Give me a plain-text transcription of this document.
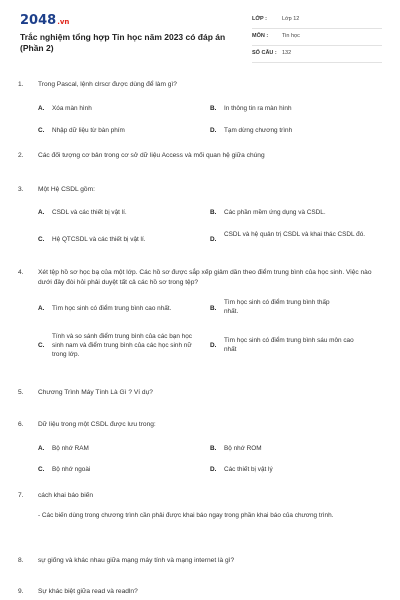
2048.vn
Trắc nghiệm tổng hợp Tin học năm 2023 có đáp án (Phần 2)
LỚP :	Lớp 12
MÔN :	Tin học
SỐ CÂU : 132
1.	Trong Pascal, lệnh clrscr được dùng để làm gì?
A. Xóa màn hình	B. In thông tin ra màn hình
C. Nhập dữ liệu từ bàn phím	D. Tạm dừng chương trình
2.	Các đối tượng cơ bản trong cơ sở dữ liệu Access và mối quan hệ giữa chúng
3.	Một Hệ CSDL gồm:
A. CSDL và các thiết bị vật lí.	B. Các phần mềm ứng dụng và CSDL.
C. Hệ QTCSDL và các thiết bị vật lí.	D.
CSDL và hệ quản trị CSDL và khai thác CSDL đó.
4.	Xét tệp hồ sơ học bạ của một lớp. Các hồ sơ được sắp xếp giảm dần theo điểm trung bình của học sinh. Việc nào dưới đây đòi hỏi phải duyệt tất cả các hồ sơ trong tệp?
A. Tìm học sinh có điểm trung bình cao nhất.	B.
Tìm học sinh có điểm trung bình thấp nhất.
C.
Tính và so sánh điểm trung bình của các bạn học sinh nam và điểm trung bình của các học sinh nữ trong lớp.
D.
Tìm học sinh có điểm trung bình sáu môn cao nhất
5.	Chương Trình Máy Tính Là Gì ? Ví dụ?
6.	Dữ liệu trong một CSDL được lưu trong:
A. Bộ nhớ RAM	B. Bộ nhớ ROM
C. Bộ nhớ ngoài	D. Các thiết bị vật lý
7.	cách khai báo biến
- Các biến dùng trong chương trình cần phải được khai báo ngay trong phần khai báo của chương trình.
8.	sự giống và khác nhau giữa mạng máy tính và mạng internet là gì?
9.	Sự khác biệt giữa read và readln?
